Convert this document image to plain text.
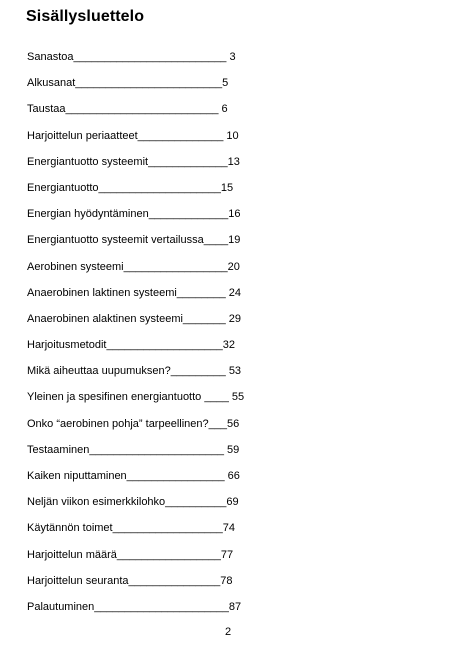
Sisällysluettelo
Sanastoa_________________________ 3
Alkusanat________________________5
Taustaa_________________________ 6
Harjoittelun periaatteet______________ 10
Energiantuotto systeemit_____________13
Energiantuotto____________________15
Energian hyödyntäminen_____________16
Energiantuotto systeemit vertailussa____19
Aerobinen systeemi_________________20
Anaerobinen laktinen systeemi________ 24
Anaerobinen alaktinen systeemi_______ 29
Harjoitusmetodit___________________32
Mikä aiheuttaa uupumuksen?_________ 53
Yleinen ja spesifinen energiantuotto ____ 55
Onko “aerobinen pohja” tarpeellinen?___56
Testaaminen______________________ 59
Kaiken niputtaminen________________ 66
Neljän viikon esimerkkilohko__________69
Käytännön toimet__________________74
Harjoittelun määrä_________________77
Harjoittelun seuranta_______________78
Palautuminen______________________87
2
